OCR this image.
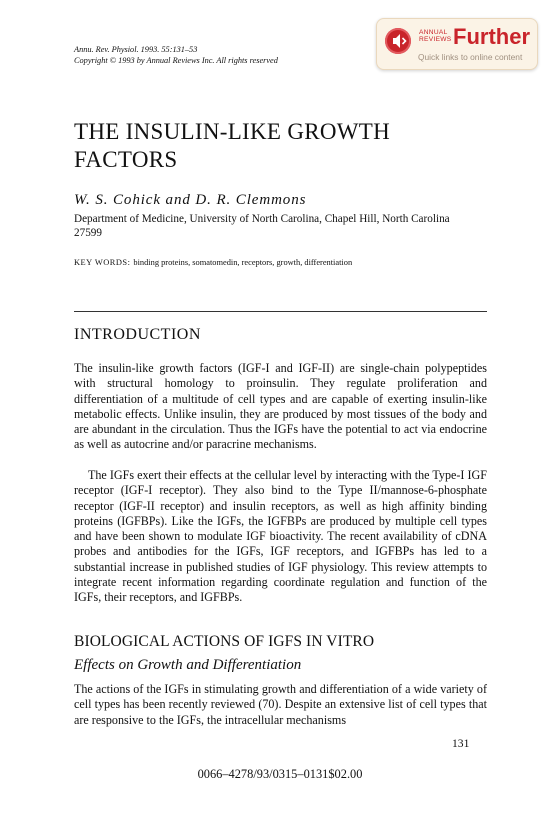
Annu. Rev. Physiol. 1993. 55:131–53
Copyright © 1993 by Annual Reviews Inc. All rights reserved
ANNUAL
REVIEWS Further
Quick links to online content
THE INSULIN-LIKE GROWTH FACTORS
W. S. Cohick and D. R. Clemmons
Department of Medicine, University of North Carolina, Chapel Hill, North Carolina 27599
KEY WORDS: binding proteins, somatomedin, receptors, growth, differentiation
INTRODUCTION
The insulin-like growth factors (IGF-I and IGF-II) are single-chain polypeptides with structural homology to proinsulin. They regulate proliferation and differentiation of a multitude of cell types and are capable of exerting insulin-like metabolic effects. Unlike insulin, they are produced by most tissues of the body and are abundant in the circulation. Thus the IGFs have the potential to act via endocrine as well as autocrine and/or paracrine mechanisms.
The IGFs exert their effects at the cellular level by interacting with the Type-I IGF receptor (IGF-I receptor). They also bind to the Type II/mannose-6-phosphate receptor (IGF-II receptor) and insulin receptors, as well as high affinity binding proteins (IGFBPs). Like the IGFs, the IGFBPs are produced by multiple cell types and have been shown to modulate IGF bioactivity. The recent availability of cDNA probes and antibodies for the IGFs, IGF receptors, and IGFBPs has led to a substantial increase in published studies of IGF physiology. This review attempts to integrate recent information regarding coordinate regulation and function of the IGFs, their receptors, and IGFBPs.
BIOLOGICAL ACTIONS OF IGFS IN VITRO
Effects on Growth and Differentiation
The actions of the IGFs in stimulating growth and differentiation of a wide variety of cell types has been recently reviewed (70). Despite an extensive list of cell types that are responsive to the IGFs, the intracellular mechanisms
131
0066–4278/93/0315–0131$02.00
